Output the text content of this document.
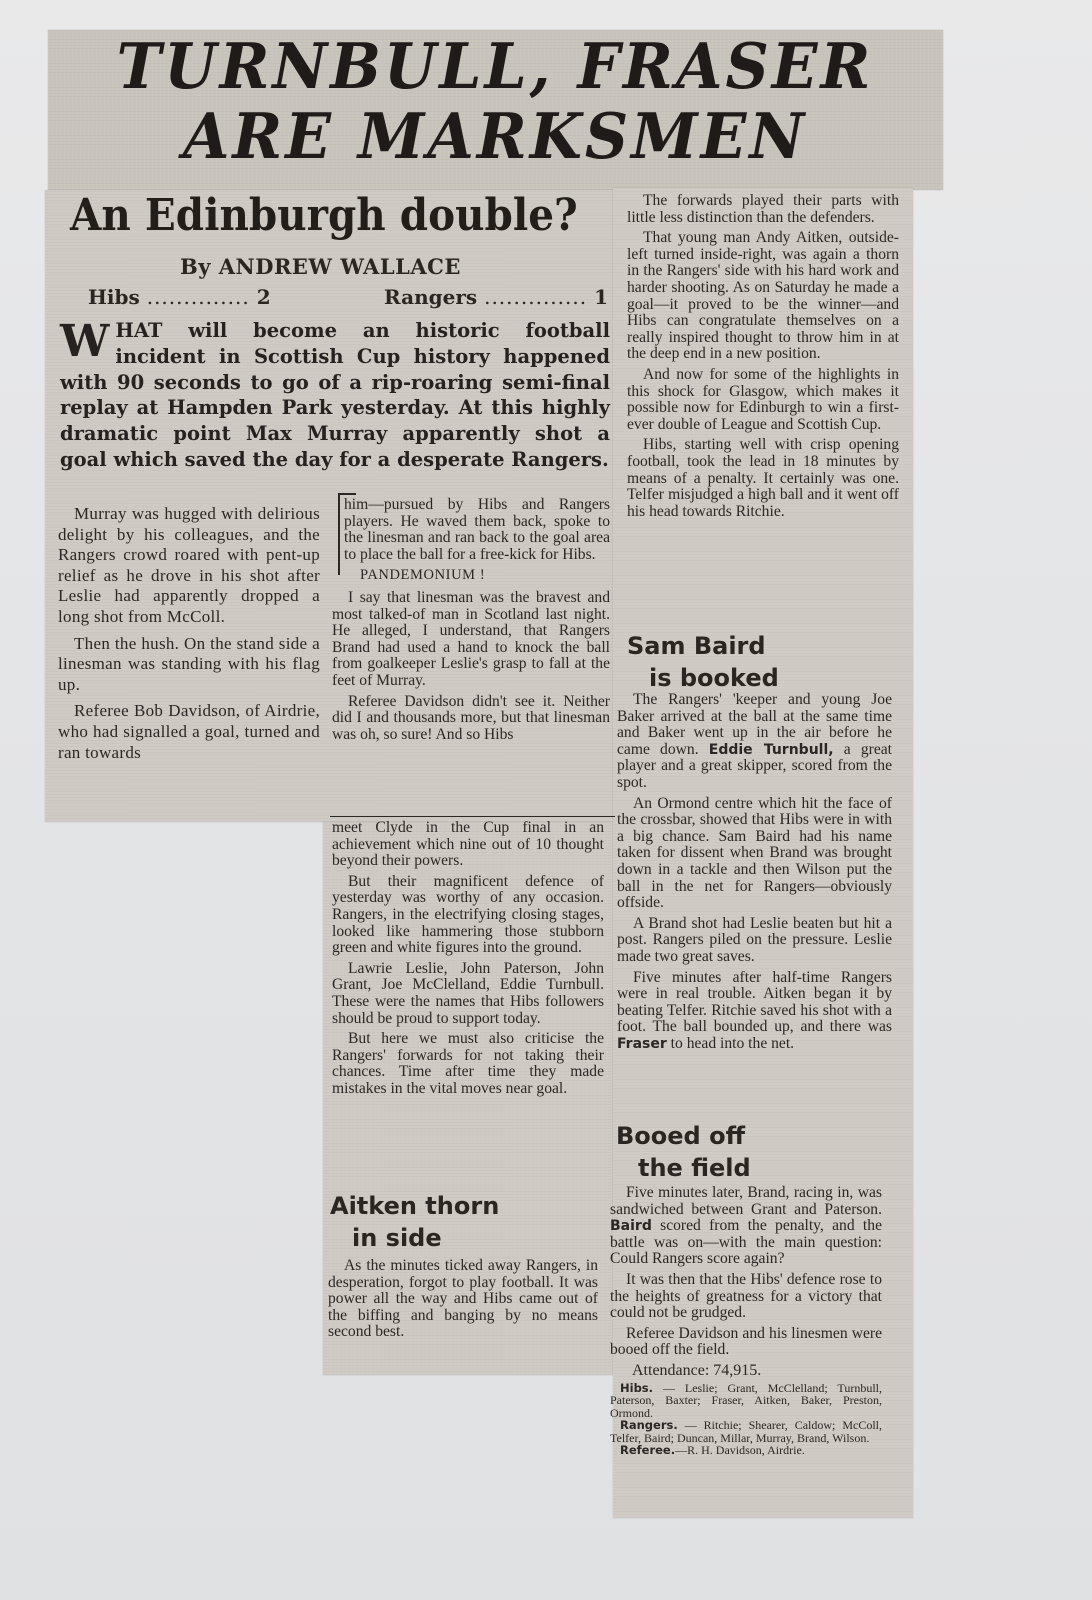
TURNBULL, FRASER
ARE MARKSMEN
An Edinburgh double?
By ANDREW WALLACE
Hibs .............. 2	Rangers .............. 1
WHAT will become an historic football incident in Scottish Cup history happened with 90 seconds to go of a rip-roaring semi-final replay at Hampden Park yesterday. At this highly dramatic point Max Murray apparently shot a goal which saved the day for a desperate Rangers.

Murray was hugged with delirious delight by his colleagues, and the Rangers crowd roared with pent-up relief as he drove in his shot after Leslie had apparently dropped a long shot from McColl.

Then the hush. On the stand side a linesman was standing with his flag up.

Referee Bob Davidson, of Airdrie, who had signalled a goal, turned and ran towards

him—pursued by Hibs and Rangers players. He waved them back, spoke to the linesman and ran back to the goal area to place the ball for a free-kick for Hibs.

PANDEMONIUM !

I say that linesman was the bravest and most talked-of man in Scotland last night. He alleged, I understand, that Rangers Brand had used a hand to knock the ball from goalkeeper Leslie's grasp to fall at the feet of Murray.

Referee Davidson didn't see it. Neither did I and thousands more, but that linesman was oh, so sure! And so Hibs

meet Clyde in the Cup final in an achievement which nine out of 10 thought beyond their powers.

But their magnificent defence of yesterday was worthy of any occasion. Rangers, in the electrifying closing stages, looked like hammering those stubborn green and white figures into the ground.

Lawrie Leslie, John Paterson, John Grant, Joe McClelland, Eddie Turnbull. These were the names that Hibs followers should be proud to support today.

But here we must also criticise the Rangers' forwards for not taking their chances. Time after time they made mistakes in the vital moves near goal.

Aitken thorn
in side

As the minutes ticked away Rangers, in desperation, forgot to play football. It was power all the way and Hibs came out of the biffing and banging by no means second best.

The forwards played their parts with little less distinction than the defenders.

That young man Andy Aitken, outside-left turned inside-right, was again a thorn in the Rangers' side with his hard work and harder shooting. As on Saturday he made a goal—it proved to be the winner—and Hibs can congratulate themselves on a really inspired thought to throw him in at the deep end in a new position.

And now for some of the highlights in this shock for Glasgow, which makes it possible now for Edinburgh to win a first-ever double of League and Scottish Cup.

Hibs, starting well with crisp opening football, took the lead in 18 minutes by means of a penalty. It certainly was one. Telfer misjudged a high ball and it went off his head towards Ritchie.

Sam Baird
is booked

The Rangers' 'keeper and young Joe Baker arrived at the ball at the same time and Baker went up in the air before he came down. Eddie Turnbull, a great player and a great skipper, scored from the spot.

An Ormond centre which hit the face of the crossbar, showed that Hibs were in with a big chance. Sam Baird had his name taken for dissent when Brand was brought down in a tackle and then Wilson put the ball in the net for Rangers—obviously offside.

A Brand shot had Leslie beaten but hit a post. Rangers piled on the pressure. Leslie made two great saves.

Five minutes after half-time Rangers were in real trouble. Aitken began it by beating Telfer. Ritchie saved his shot with a foot. The ball bounded up, and there was Fraser to head into the net.

Booed off
the field

Five minutes later, Brand, racing in, was sandwiched between Grant and Paterson. Baird scored from the penalty, and the battle was on—with the main question: Could Rangers score again?

It was then that the Hibs' defence rose to the heights of greatness for a victory that could not be grudged.

Referee Davidson and his linesmen were booed off the field.

Attendance: 74,915.

Hibs. — Leslie; Grant, McClelland; Turnbull, Paterson, Baxter; Fraser, Aitken, Baker, Preston, Ormond.

Rangers. — Ritchie; Shearer, Caldow; McColl, Telfer, Baird; Duncan, Millar, Murray, Brand, Wilson.

Referee.—R. H. Davidson, Airdrie.
